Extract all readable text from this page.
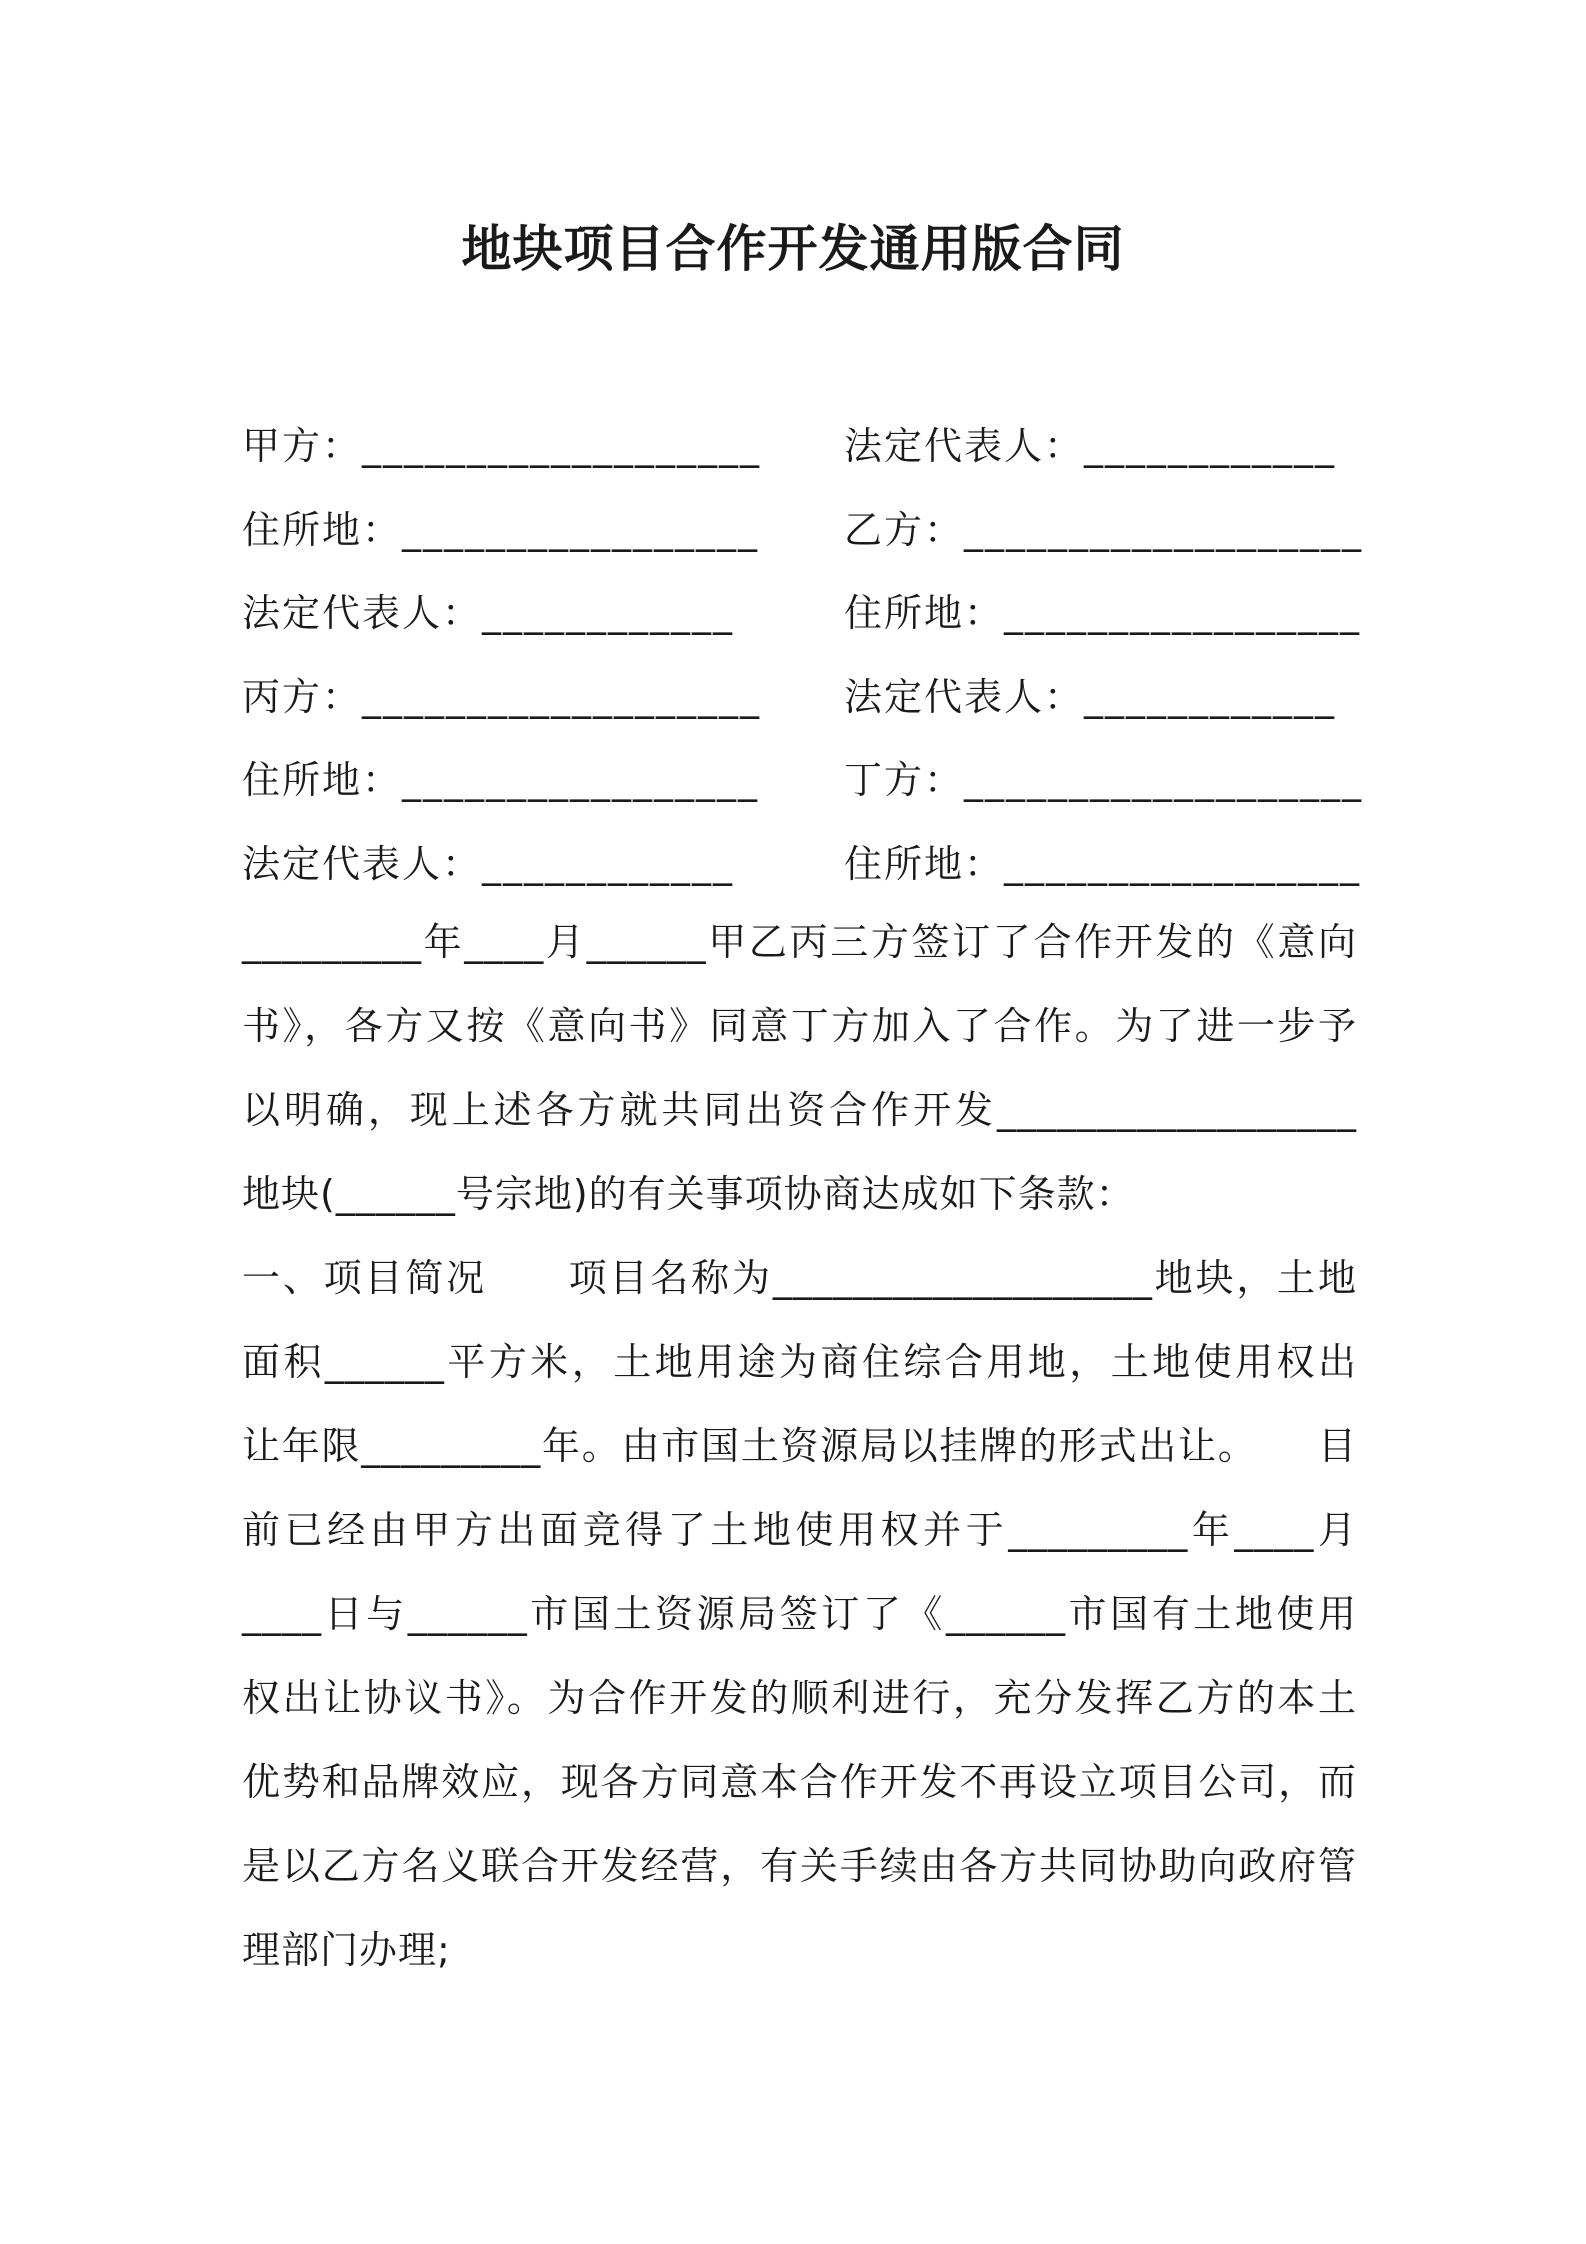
地块项目合作开发通用版合同
甲方：___________________ 法定代表人：____________
住所地：_________________ 乙方：___________________
法定代表人：____________	住所地：_________________
丙方：___________________ 法定代表人：____________
住所地：_________________ 丁方：___________________
法定代表人：____________	住所地：_________________
_________年____月______甲乙丙三方签订了合作开发的《意向
书》，各方又按《意向书》同意丁方加入了合作。为了进一步予
以明确，现上述各方就共同出资合作开发__________________
地块(______号宗地)的有关事项协商达成如下条款：
一、项目简况　　项目名称为___________________地块，土地
面积______平方米，土地用途为商住综合用地，土地使用权出
让年限_________年。由市国土资源局以挂牌的形式出让。　　目
前已经由甲方出面竞得了土地使用权并于_________年____月
____日与______市国土资源局签订了《______市国有土地使用
权出让协议书》。为合作开发的顺利进行，充分发挥乙方的本土
优势和品牌效应，现各方同意本合作开发不再设立项目公司，而
是以乙方名义联合开发经营，有关手续由各方共同协助向政府管
理部门办理;
